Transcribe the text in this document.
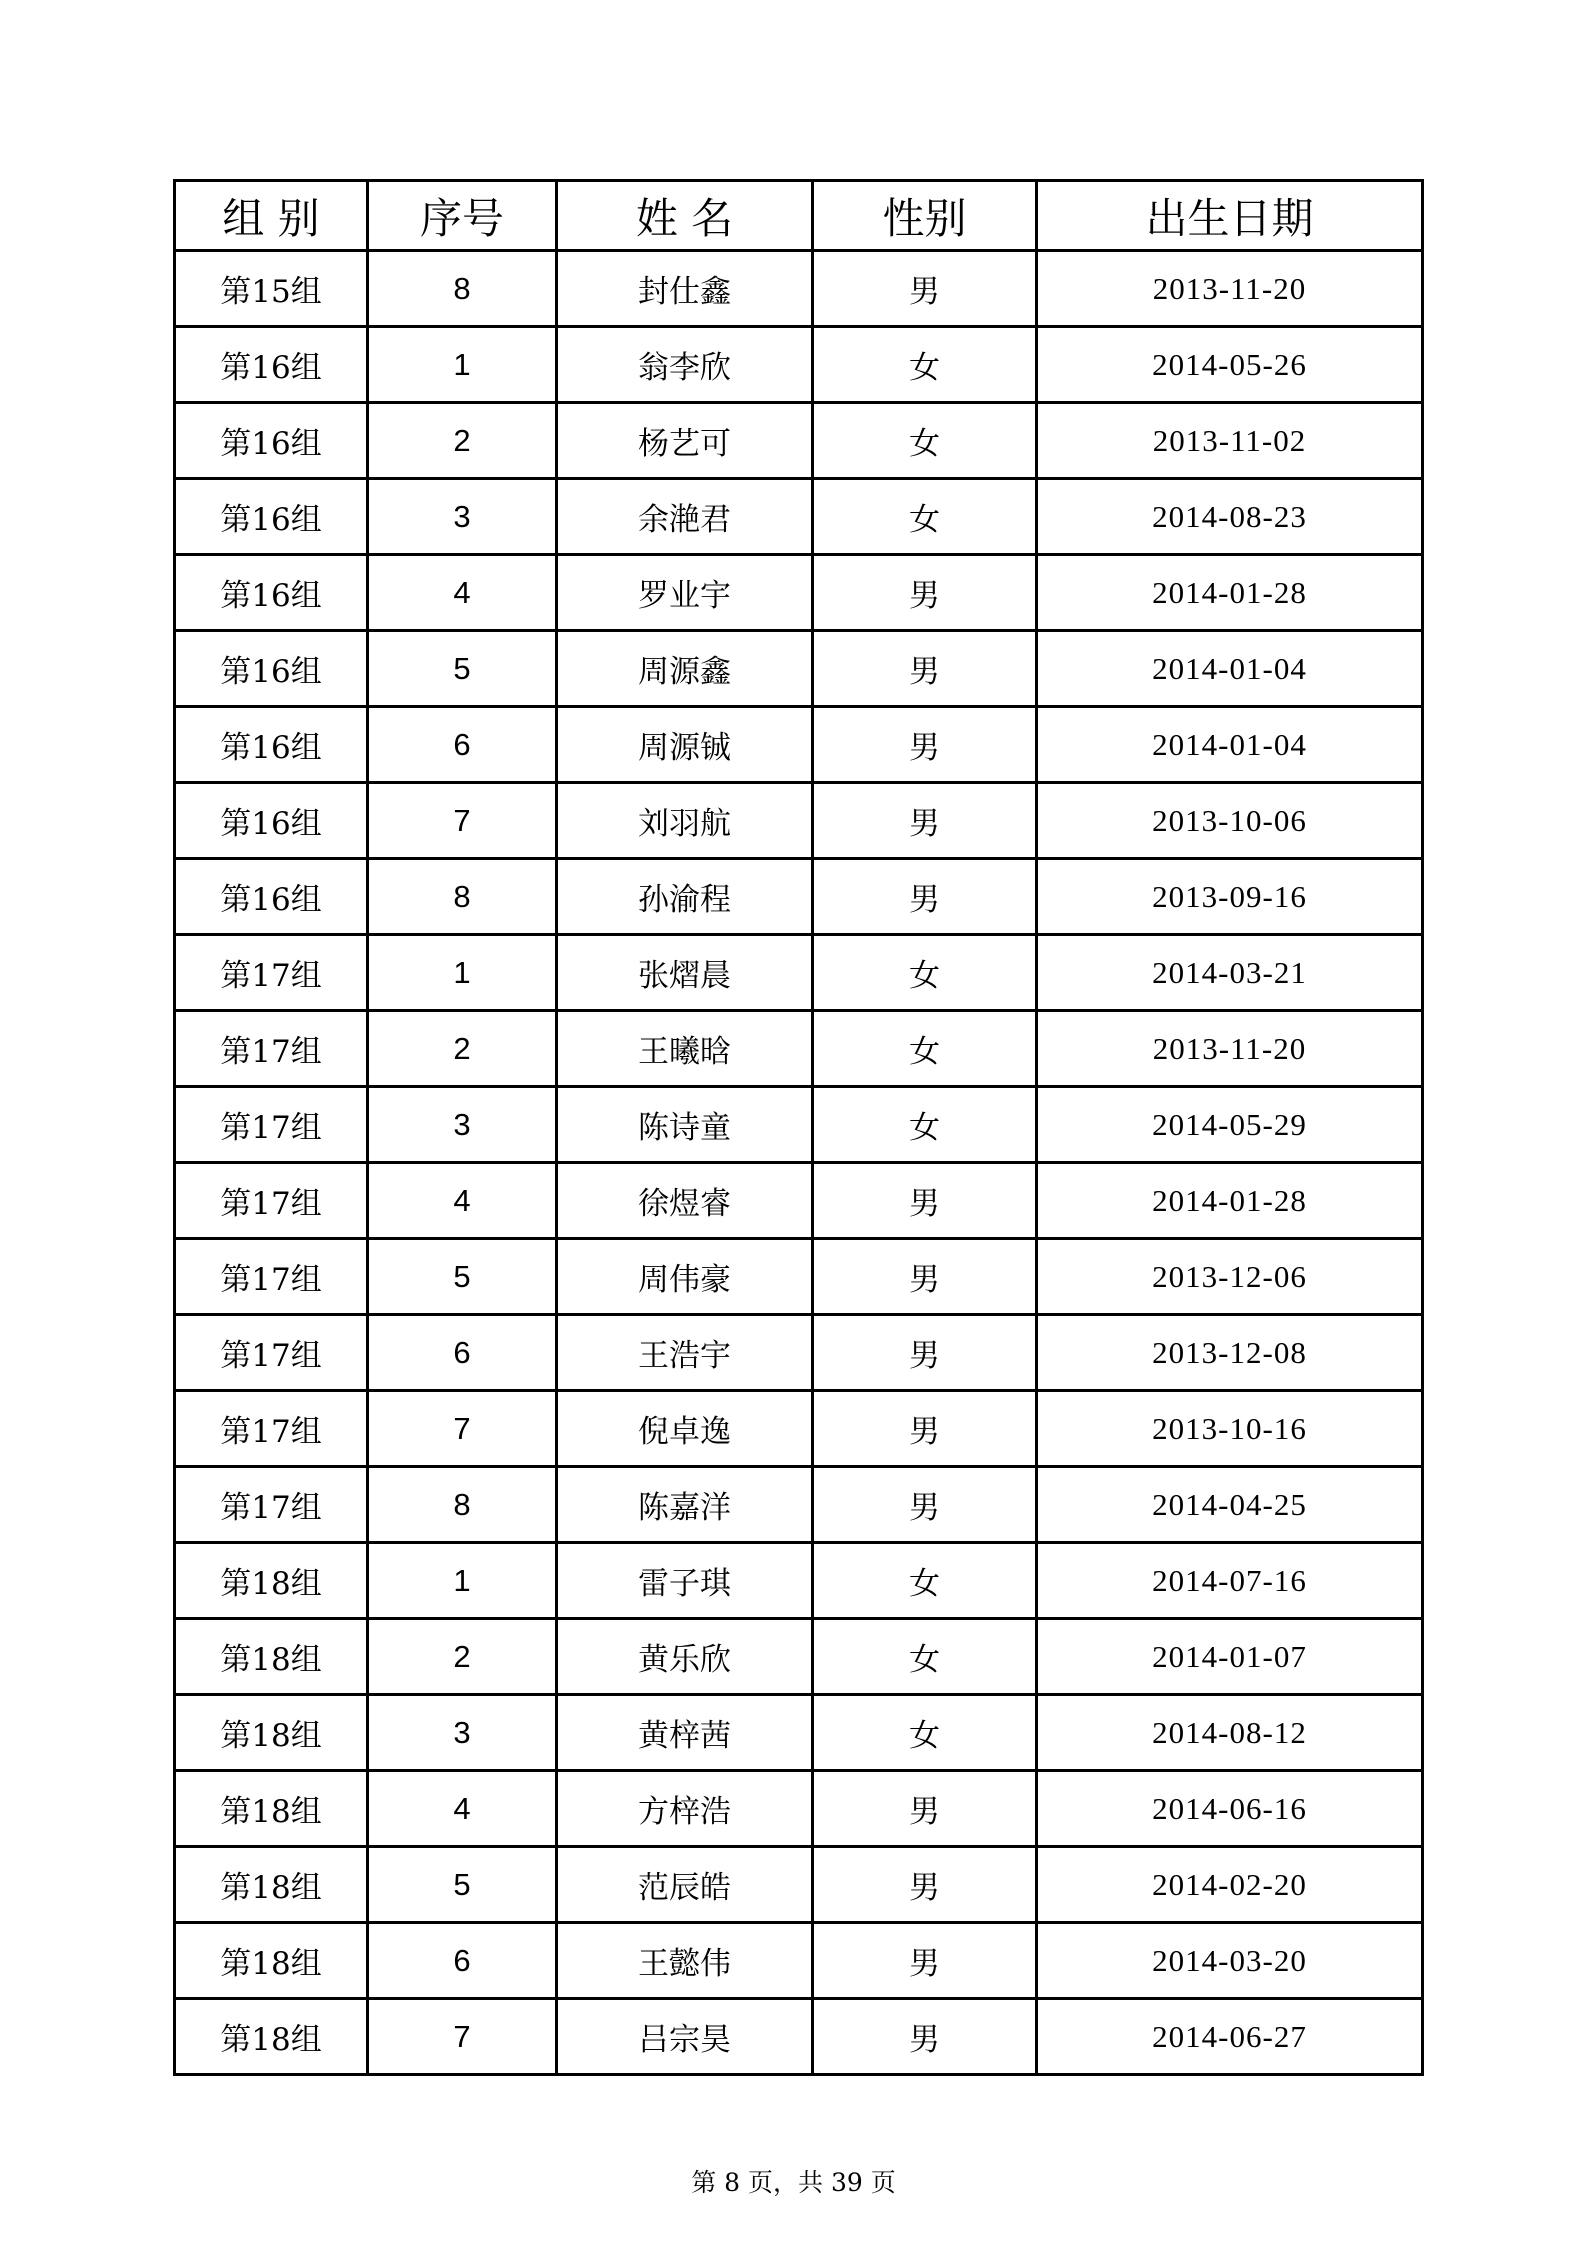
组 别	序号	姓 名	性别	出生日期
第15组	8	封仕鑫	男	2013-11-20
第16组	1	翁李欣	女	2014-05-26
第16组	2	杨艺可	女	2013-11-02
第16组	3	余滟君	女	2014-08-23
第16组	4	罗业宇	男	2014-01-28
第16组	5	周源鑫	男	2014-01-04
第16组	6	周源铖	男	2014-01-04
第16组	7	刘羽航	男	2013-10-06
第16组	8	孙渝程	男	2013-09-16
第17组	1	张熠晨	女	2014-03-21
第17组	2	王曦晗	女	2013-11-20
第17组	3	陈诗童	女	2014-05-29
第17组	4	徐煜睿	男	2014-01-28
第17组	5	周伟豪	男	2013-12-06
第17组	6	王浩宇	男	2013-12-08
第17组	7	倪卓逸	男	2013-10-16
第17组	8	陈嘉洋	男	2014-04-25
第18组	1	雷子琪	女	2014-07-16
第18组	2	黄乐欣	女	2014-01-07
第18组	3	黄梓茜	女	2014-08-12
第18组	4	方梓浩	男	2014-06-16
第18组	5	范辰皓	男	2014-02-20
第18组	6	王懿伟	男	2014-03-20
第18组	7	吕宗昊	男	2014-06-27
第 8 页，共 39 页
